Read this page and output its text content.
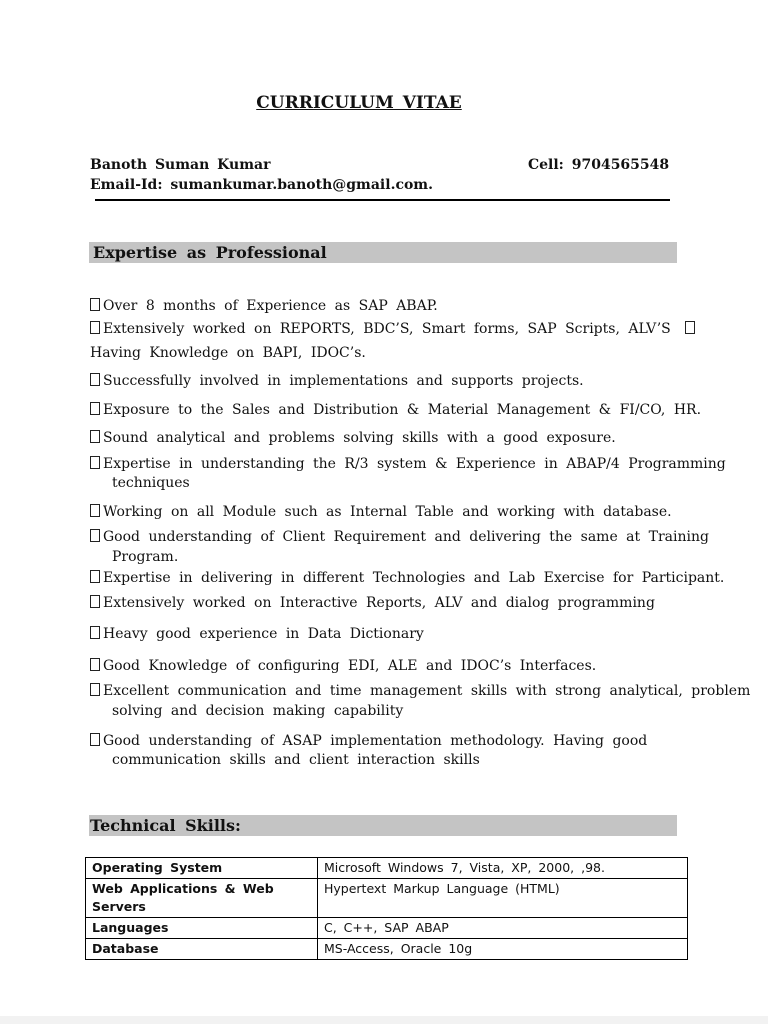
CURRICULUM VITAE
Banoth Suman Kumar	Cell: 9704565548
Email-Id: sumankumar.banoth@gmail.com.
Expertise as Professional
Over 8 months of Experience as SAP ABAP.
Extensively worked on REPORTS, BDC’S, Smart forms, SAP Scripts, ALV’S
Having Knowledge on BAPI, IDOC’s.
Successfully involved in implementations and supports projects.
Exposure to the Sales and Distribution & Material Management & FI/CO, HR.
Sound analytical and problems solving skills with a good exposure.
Expertise in understanding the R/3 system & Experience in ABAP/4 Programming
techniques
Working on all Module such as Internal Table and working with database.
Good understanding of Client Requirement and delivering the same at Training
Program.
Expertise in delivering in different Technologies and Lab Exercise for Participant.
Extensively worked on Interactive Reports, ALV and dialog programming
Heavy good experience in Data Dictionary
Good Knowledge of configuring EDI, ALE and IDOC’s Interfaces.
Excellent communication and time management skills with strong analytical, problem
solving and decision making capability
Good understanding of ASAP implementation methodology. Having good
communication skills and client interaction skills
Technical Skills:
Operating System	Microsoft Windows 7, Vista, XP, 2000, ,98.
Web Applications & Web Servers	Hypertext Markup Language (HTML)
Languages	C, C++, SAP ABAP
Database	MS-Access, Oracle 10g
